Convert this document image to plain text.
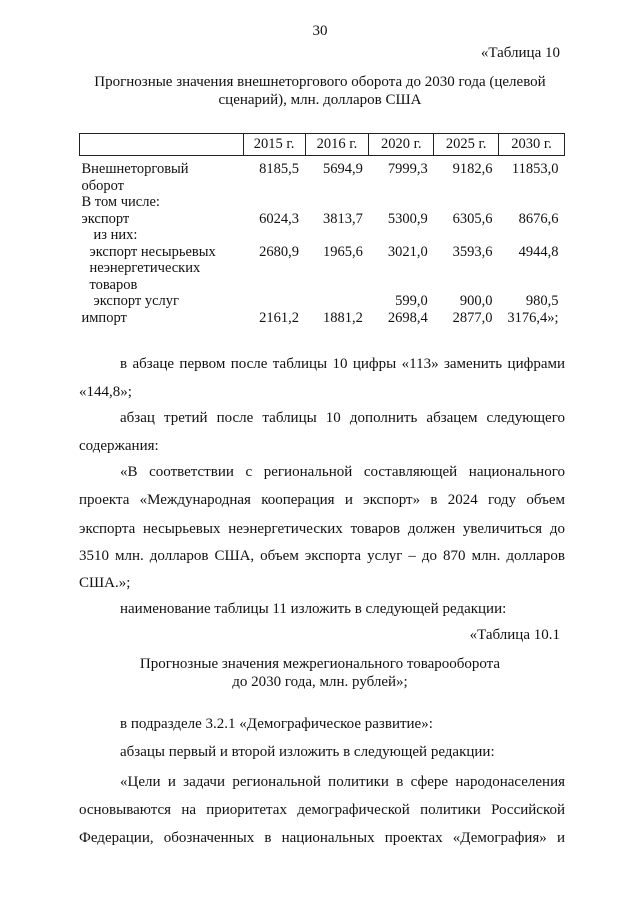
30
«Таблица 10
Прогнозные значения внешнеторгового оборота до 2030 года (целевой
сценарий), млн. долларов США
	2015 г.	2016 г.	2020 г.	2025 г.	2030 г.

Внешнеторговый
оборот	8185,5	5694,9	7999,3	9182,6	11853,0

В том числе:					

экспорт	6024,3	3813,7	5300,9	6305,6	8676,6

из них:					

экспорт несырьевых
неэнергетических
товаров	2680,9	1965,6	3021,0	3593,6	4944,8

экспорт услуг			599,0	900,0	980,5

импорт	2161,2	1881,2	2698,4	2877,0	3176,4»;
в абзаце первом после таблицы 10 цифры «113» заменить цифрами
«144,8»;
абзац третий после таблицы 10 дополнить абзацем следующего
содержания:
«В соответствии с региональной составляющей национального
проекта «Международная кооперация и экспорт» в 2024 году объем
экспорта несырьевых неэнергетических товаров должен увеличиться до
3510 млн. долларов США, объем экспорта услуг – до 870 млн. долларов
США.»;
наименование таблицы 11 изложить в следующей редакции:
«Таблица 10.1
Прогнозные значения межрегионального товарооборота
до 2030 года, млн. рублей»;
в подразделе 3.2.1 «Демографическое развитие»:
абзацы первый и второй изложить в следующей редакции:
«Цели и задачи региональной политики в сфере народонаселения
основываются на приоритетах демографической политики Российской
Федерации, обозначенных в национальных проектах «Демография» и
